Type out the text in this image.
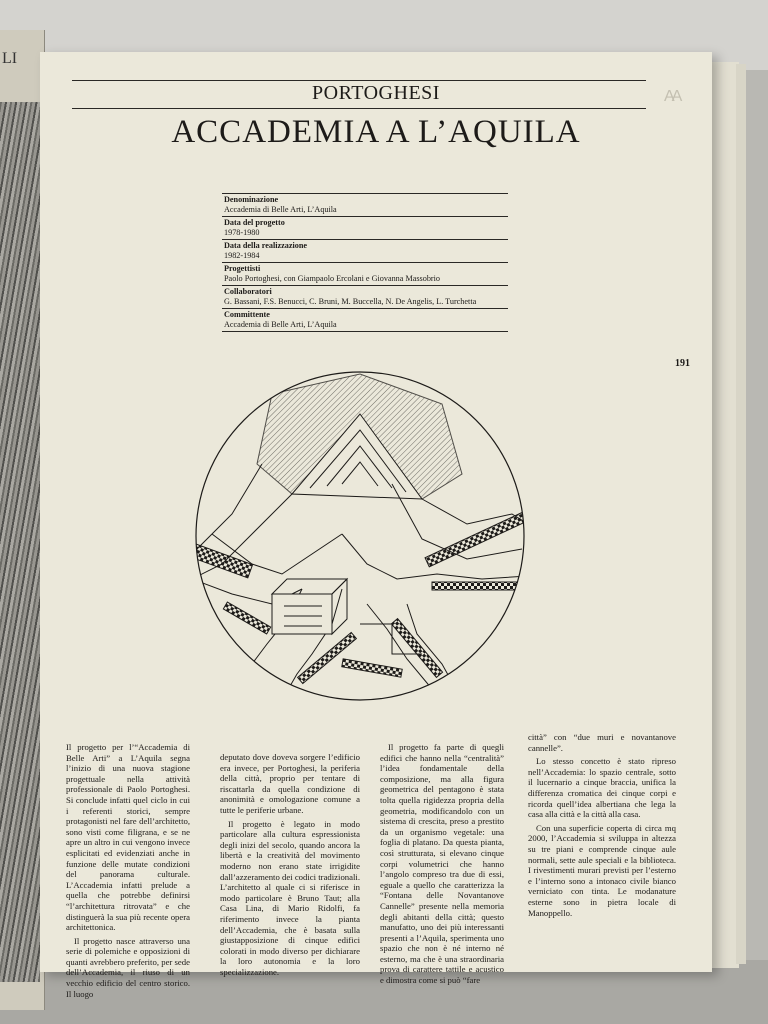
LI
PORTOGHESI	AA
ACCADEMIA A L’AQUILA
191
Denominazione
Accademia di Belle Arti, L’Aquila
Data del progetto
1978-1980
Data della realizzazione
1982-1984
Progettisti
Paolo Portoghesi, con Giampaolo Ercolani e Giovanna Massobrio
Collaboratori
G. Bassani, F.S. Benucci, C. Bruni, M. Buccella, N. De Angelis, L. Turchetta
Committente
Accademia di Belle Arti, L’Aquila

Il progetto per l’“Accademia di Belle Arti” a L’Aquila segna l’inizio di una nuova stagione progettuale nella attività professionale di Paolo Portoghesi. Si conclude infatti quel ciclo in cui i referenti storici, sempre protagonisti nel fare dell’architetto, sono visti come filigrana, e se ne apre un altro in cui vengono invece esplicitati ed evidenziati anche in funzione delle mutate condizioni del panorama culturale. L’Accademia infatti prelude a quella che potrebbe definirsi “l’architettura ritrovata” e che distinguerà la sua più recente opera architettonica.

Il progetto nasce attraverso una serie di polemiche e opposizioni di quanti avrebbero preferito, per sede dell’Accademia, il riuso di un vecchio edificio del centro storico. Il luogo

deputato dove doveva sorgere l’edificio era invece, per Portoghesi, la periferia della città, proprio per tentare di riscattarla da quella condizione di anonimità e omologazione comune a tutte le periferie urbane.

Il progetto è legato in modo particolare alla cultura espressionista degli inizi del secolo, quando ancora la libertà e la creatività del movimento moderno non erano state irrigidite dall’azzeramento dei codici tradizionali. L’architetto al quale ci si riferisce in modo particolare è Bruno Taut; alla Casa Lina, di Mario Ridolfi, fa riferimento invece la pianta dell’Accademia, che è basata sulla giustapposizione di cinque edifici colorati in modo diverso per dichiarare la loro autonomia e la loro specializzazione.

Il progetto fa parte di quegli edifici che hanno nella “centralità” l’idea fondamentale della composizione, ma alla figura geometrica del pentagono è stata tolta quella rigidezza propria della geometria, modificandolo con un sistema di crescita, preso a prestito da un organismo vegetale: una foglia di platano. Da questa pianta, così strutturata, si elevano cinque corpi volumetrici che hanno l’angolo compreso tra due di essi, eguale a quello che caratterizza la “Fontana delle Novantanove Cannelle” presente nella memoria degli abitanti della città; questo manufatto, uno dei più interessanti presenti a l’Aquila, sperimenta uno spazio che non è né interno né esterno, ma che è una straordinaria prova di carattere tattile e acustico e dimostra come si può “fare

città” con “due muri e novantanove cannelle”.

Lo stesso concetto è stato ripreso nell’Accademia: lo spazio centrale, sotto il lucernario a cinque braccia, unifica la differenza cromatica dei cinque corpi e ricorda quell’idea albertiana che lega la casa alla città e la città alla casa.

Con una superficie coperta di circa mq 2000, l’Accademia si sviluppa in altezza su tre piani e comprende cinque aule normali, sette aule speciali e la biblioteca. I rivestimenti murari previsti per l’esterno e l’interno sono a intonaco civile bianco verniciato con tinta. Le modanature esterne sono in pietra locale di Manoppello.
